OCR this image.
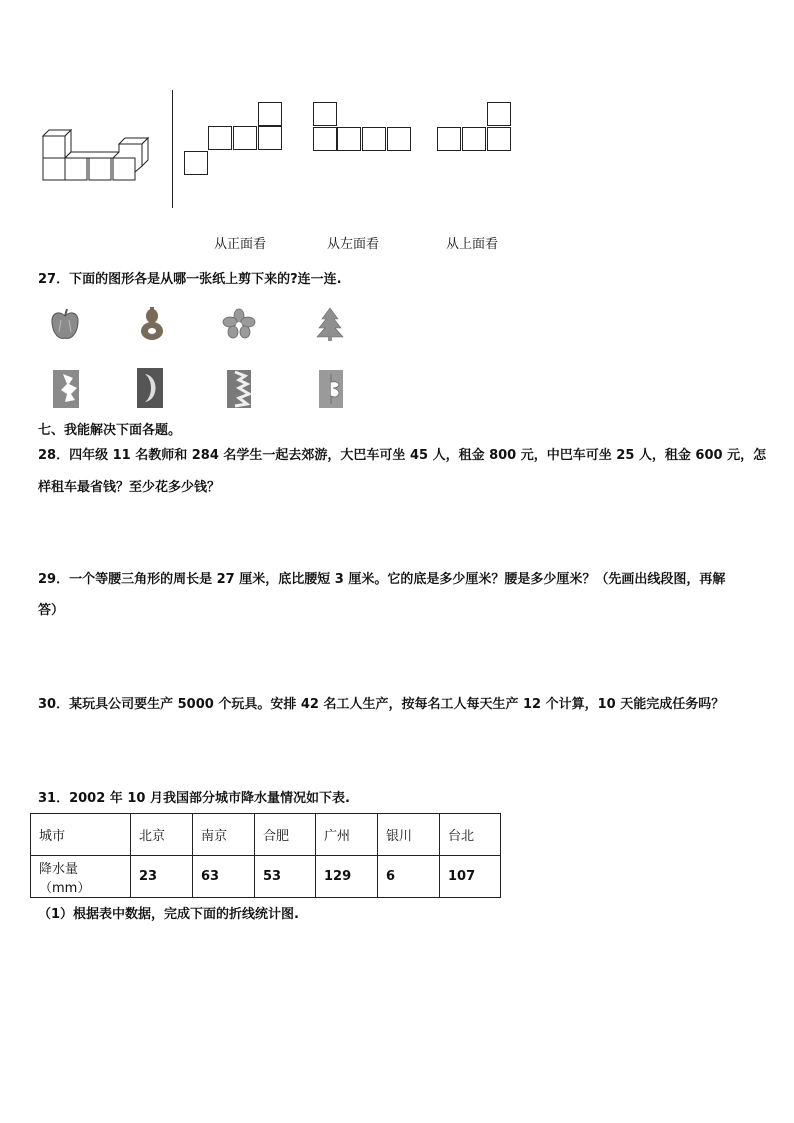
从正面看	从左面看	从上面看
27．下面的图形各是从哪一张纸上剪下来的?连一连.
七、我能解决下面各题。
28．四年级 11 名教师和 284 名学生一起去郊游，大巴车可坐 45 人，租金 800 元，中巴车可坐 25 人，租金 600 元，怎
样租车最省钱？至少花多少钱？
29．一个等腰三角形的周长是 27 厘米，底比腰短 3 厘米。它的底是多少厘米？腰是多少厘米？（先画出线段图，再解
答）
30．某玩具公司要生产 5000 个玩具。安排 42 名工人生产，按每名工人每天生产 12 个计算，10 天能完成任务吗？
31．2002 年 10 月我国部分城市降水量情况如下表.
城市	北京	南京	合肥	广州	银川	台北
降水量（mm）	23	63	53	129	6	107
（1）根据表中数据，完成下面的折线统计图.
